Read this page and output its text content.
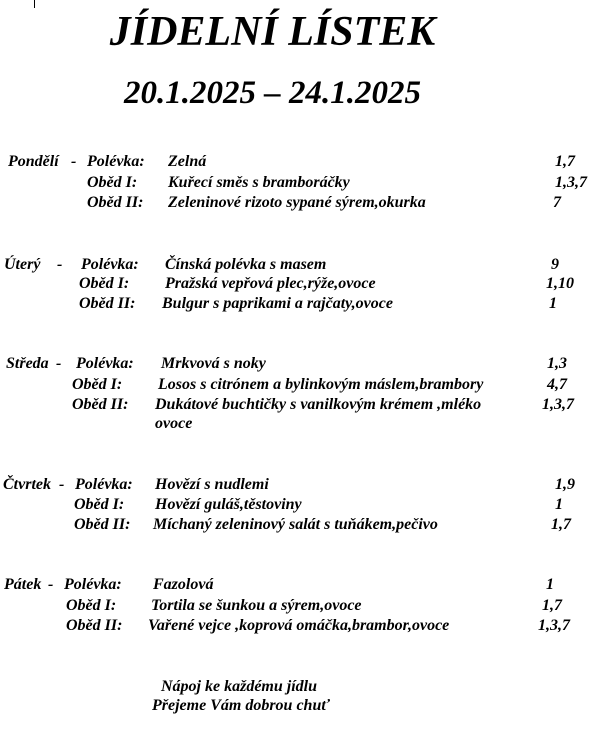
JÍDELNÍ LÍSTEK
20.1.2025 – 24.1.2025
Pondělí - Polévka: Zelná	1,7
Oběd I: Kuřecí směs s bramboráčky	1,3,7
Oběd II: Zeleninové rizoto sypané sýrem,okurka	7
Úterý - Polévka: Čínská polévka s masem	9
Oběd I: Pražská vepřová plec,rýže,ovoce	1,10
Oběd II: Bulgur s paprikami a rajčaty,ovoce	1
Středa - Polévka: Mrkvová s noky	1,3
Oběd I: Losos s citrónem a bylinkovým máslem,brambory	4,7
Oběd II: Dukátové buchtičky s vanilkovým krémem ,mléko	1,3,7
ovoce
Čtvrtek - Polévka: Hovězí s nudlemi	1,9
Oběd I: Hovězí guláš,těstoviny	1
Oběd II: Míchaný zeleninový salát s tuňákem,pečivo	1,7
Pátek - Polévka: Fazolová	1
Oběd I: Tortila se šunkou a sýrem,ovoce	1,7
Oběd II: Vařené vejce ,koprová omáčka,brambor,ovoce	1,3,7
Nápoj ke každému jídlu
Přejeme Vám dobrou chuť
